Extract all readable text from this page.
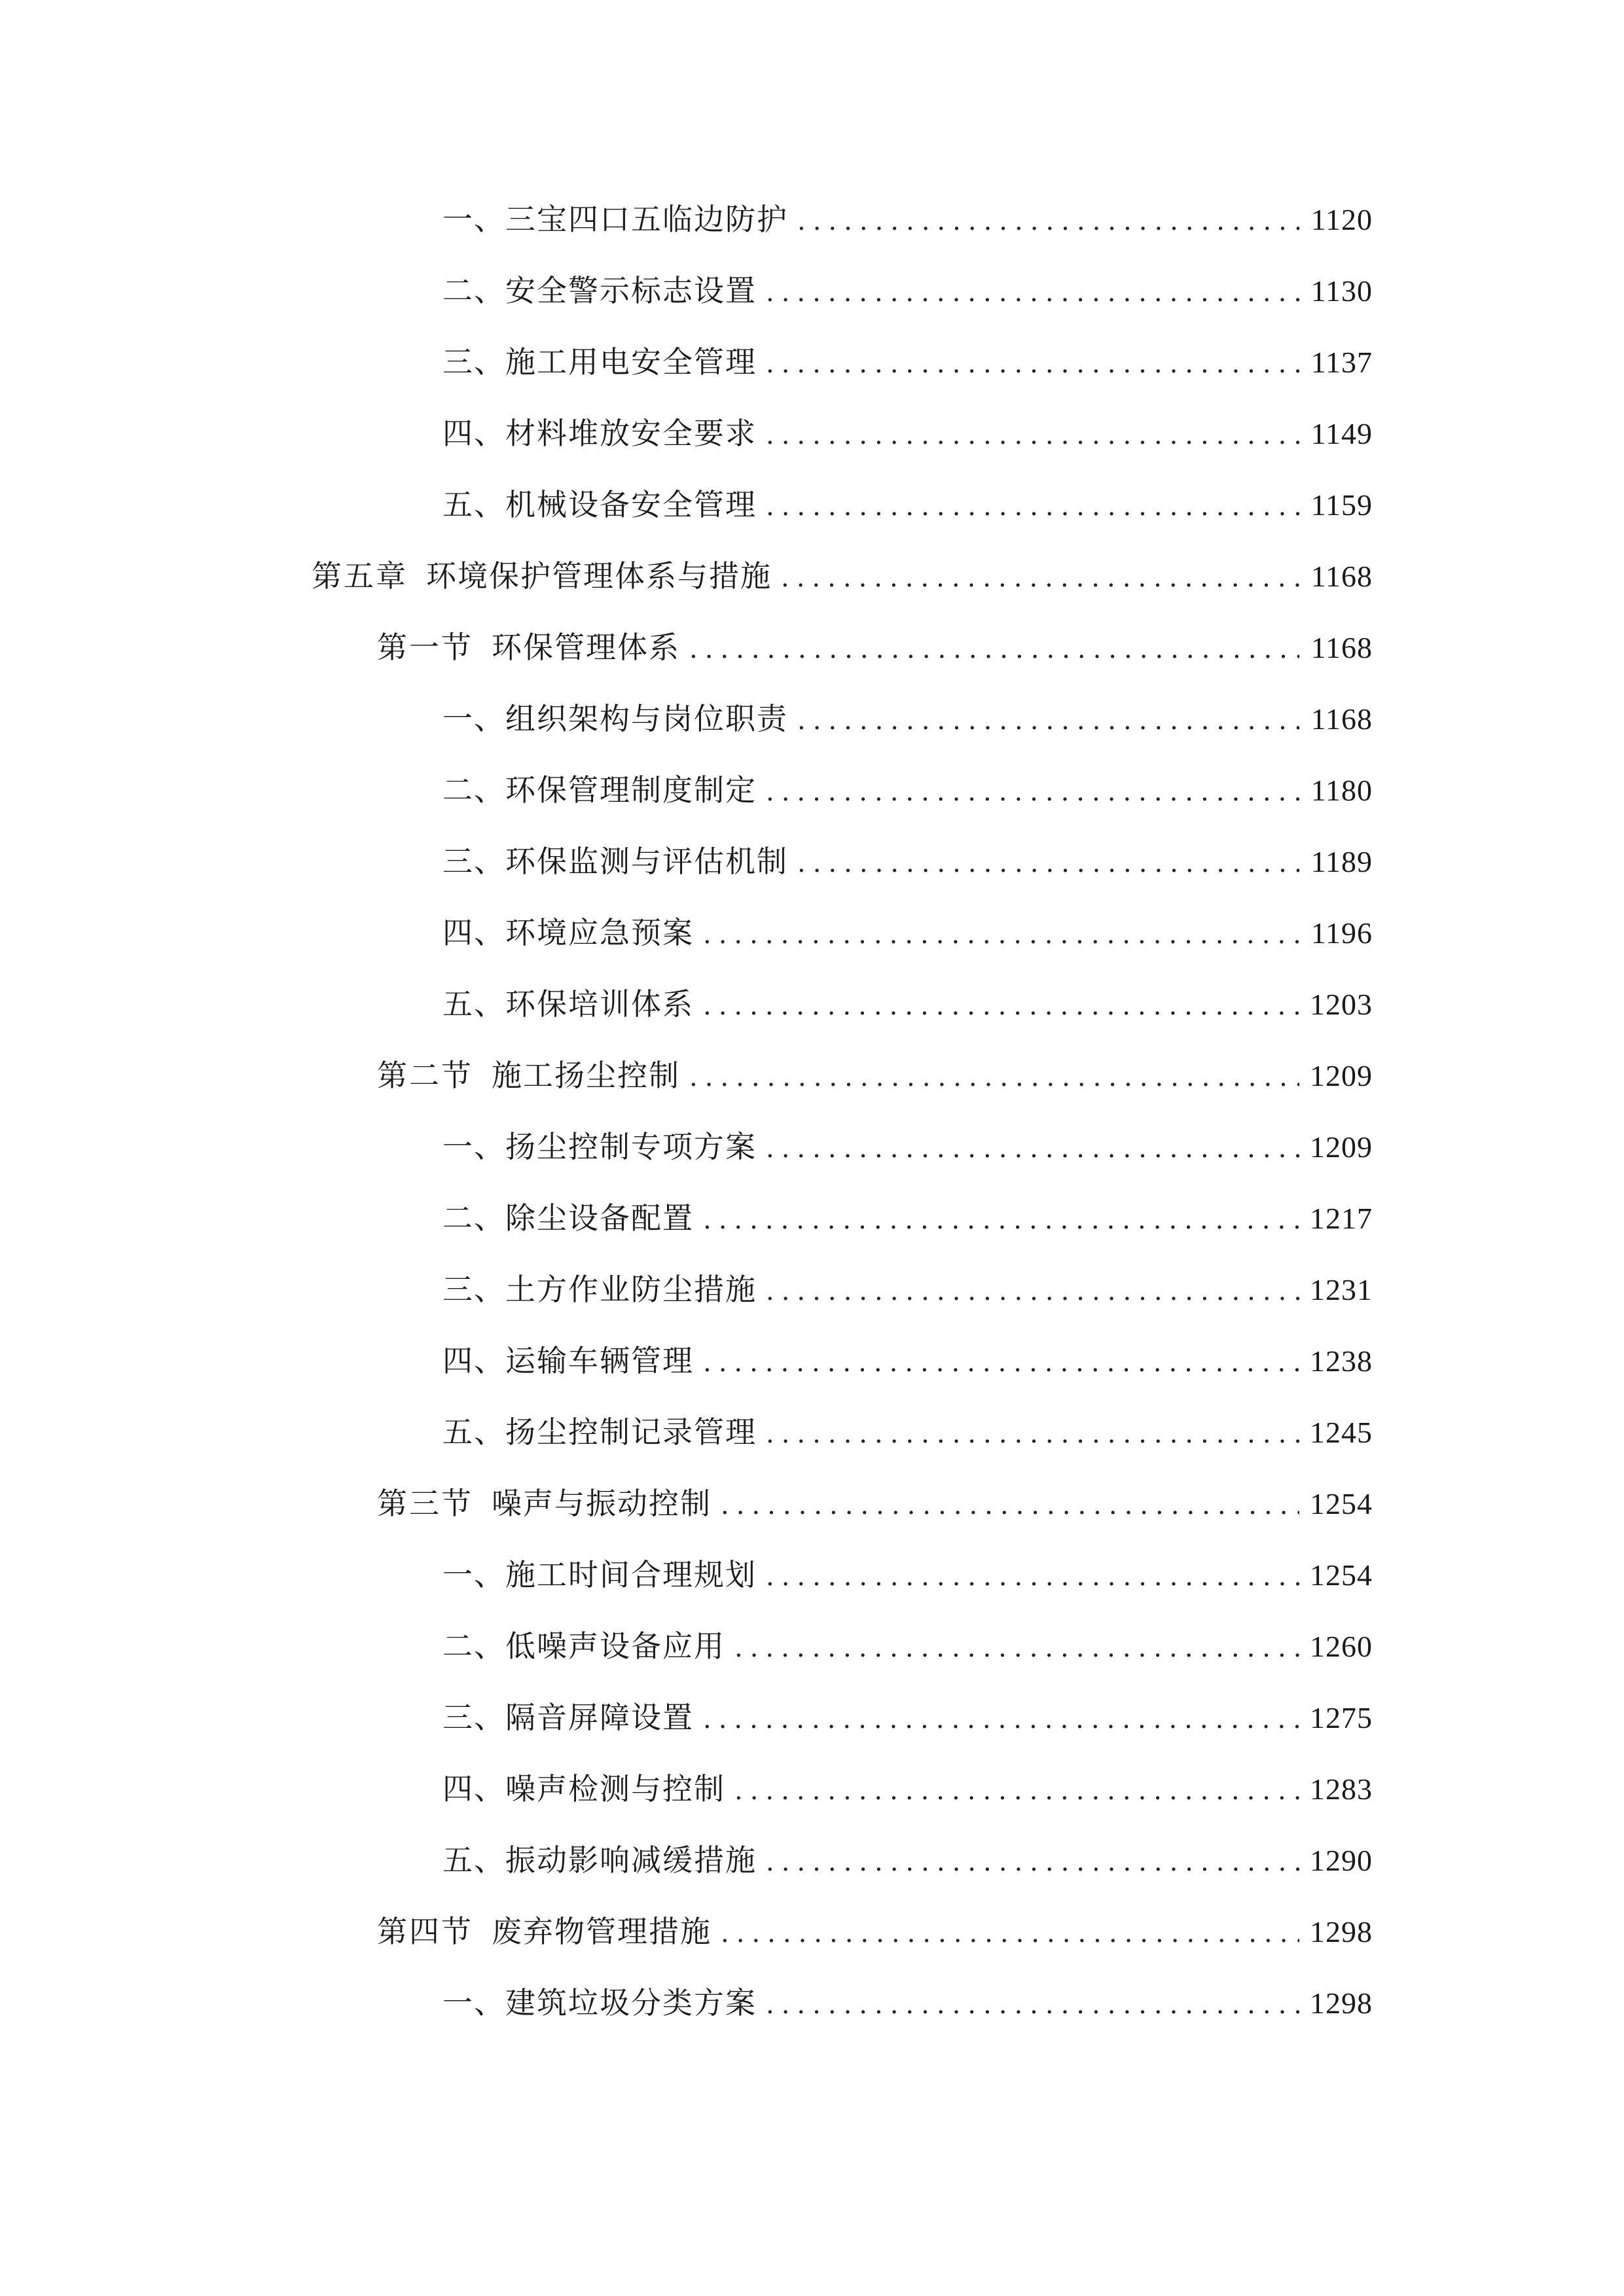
一、 三宝四口五临边防护 .....	1120
二、 安全警示标志设置 .....	1130
三、 施工用电安全管理 .....	1137
四、 材料堆放安全要求 .....	1149
五、 机械设备安全管理 .....	1159
第五章 环境保护管理体系与措施 .....	1168
第一节 环保管理体系 .....	1168
一、 组织架构与岗位职责 .....	1168
二、 环保管理制度制定 .....	1180
三、 环保监测与评估机制 .....	1189
四、 环境应急预案 .....	1196
五、 环保培训体系 .....	1203
第二节 施工扬尘控制 .....	1209
一、 扬尘控制专项方案 .....	1209
二、 除尘设备配置 .....	1217
三、 土方作业防尘措施 .....	1231
四、 运输车辆管理 .....	1238
五、 扬尘控制记录管理 .....	1245
第三节 噪声与振动控制 .....	1254
一、 施工时间合理规划 .....	1254
二、 低噪声设备应用 .....	1260
三、 隔音屏障设置 .....	1275
四、 噪声检测与控制 .....	1283
五、 振动影响减缓措施 .....	1290
第四节 废弃物管理措施 .....	1298
一、 建筑垃圾分类方案 .....	1298
